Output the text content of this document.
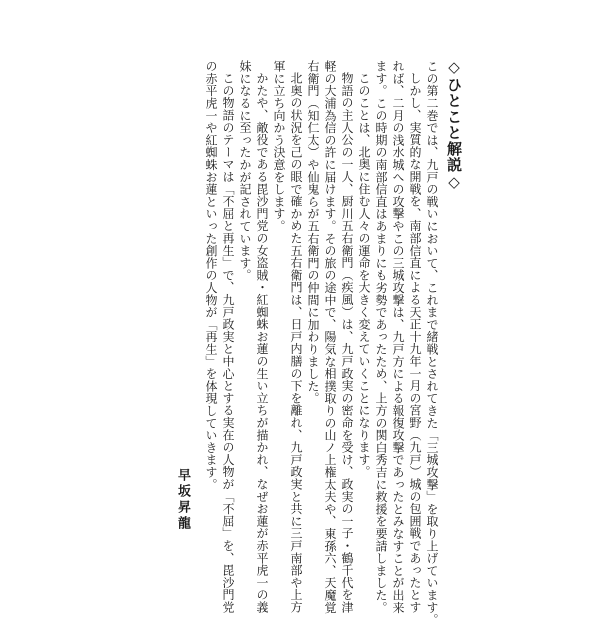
◇ひとこと解説◇
この第二巻では、九戸の戦いにおいて、これまで緒戦とされてきた「三城攻撃」を取り上げています。
しかし、実質的な開戦を、南部信直による天正十九年一月の宮野（九戸）城の包囲戦であったとす
れば、二月の浅水城への攻撃やこの三城攻撃は、九戸方による報復攻撃であったとみなすことが出来
ます。この時期の南部信直はあまりにも劣勢であったため、上方の関白秀吉に救援を要請しました。
このことは、北奥に住む人々の運命を大きく変えていくことになります。
物語の主人公の一人、厨川五右衛門（疾風）は、九戸政実の密命を受け、政実の一子・鶴千代を津
軽の大浦為信の許に届けます。その旅の途中で、陽気な相撲取りの山ノ上権太夫や、東孫六、天魔覚
右衛門（知仁太）や仙鬼らが五右衛門の仲間に加わりました。
北奥の状況を己の眼で確かめた五右衛門は、日戸内膳の下を離れ、九戸政実と共に三戸南部や上方
軍に立ち向かう決意をします。
かたや、敵役である毘沙門党の女盗賊・紅蜘蛛お蓮の生い立ちが描かれ、なぜお蓮が赤平虎一の義
妹になるに至ったかが記されています。
この物語のテーマは「不屈と再生」で、九戸政実と中心とする実在の人物が「不屈」を、毘沙門党
の赤平虎一や紅蜘蛛お蓮といった創作の人物が「再生」を体現していきます。
早坂昇龍
